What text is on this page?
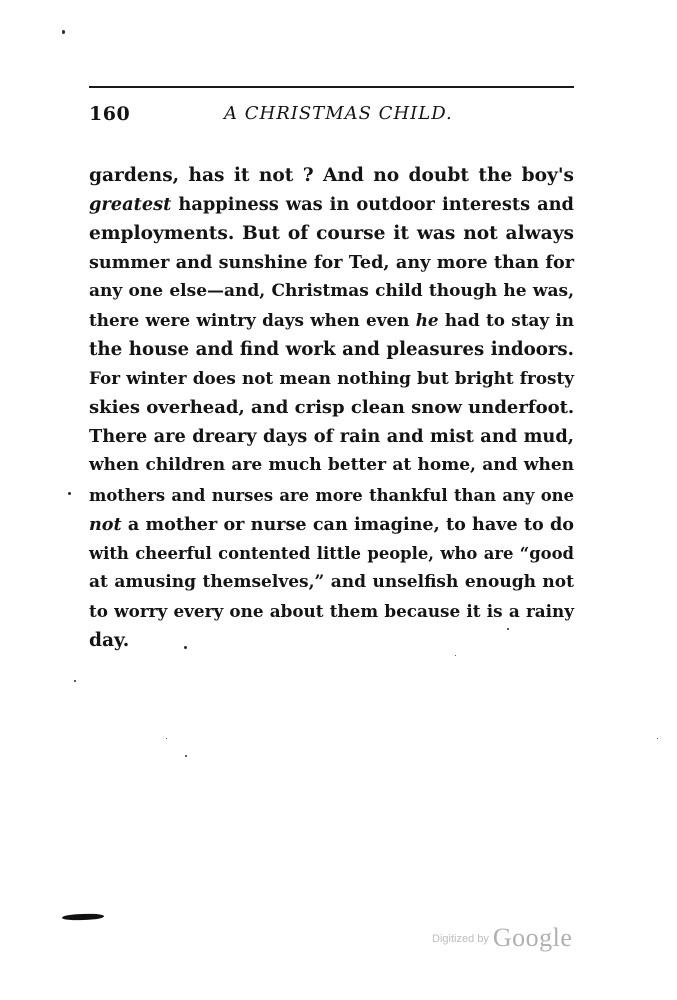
160	A CHRISTMAS CHILD.
gardens, has it not ? And no doubt the boy's
greatest happiness was in outdoor interests and
employments. But of course it was not always
summer and sunshine for Ted, any more than for
any one else—and, Christmas child though he was,
there were wintry days when even he had to stay in
the house and find work and pleasures indoors.
For winter does not mean nothing but bright frosty
skies overhead, and crisp clean snow underfoot.
There are dreary days of rain and mist and mud,
when children are much better at home, and when
mothers and nurses are more thankful than any one
not a mother or nurse can imagine, to have to do
with cheerful contented little people, who are “good
at amusing themselves,” and unselfish enough not
to worry every one about them because it is a rainy
day.
$^{Digitized by}$ Google
